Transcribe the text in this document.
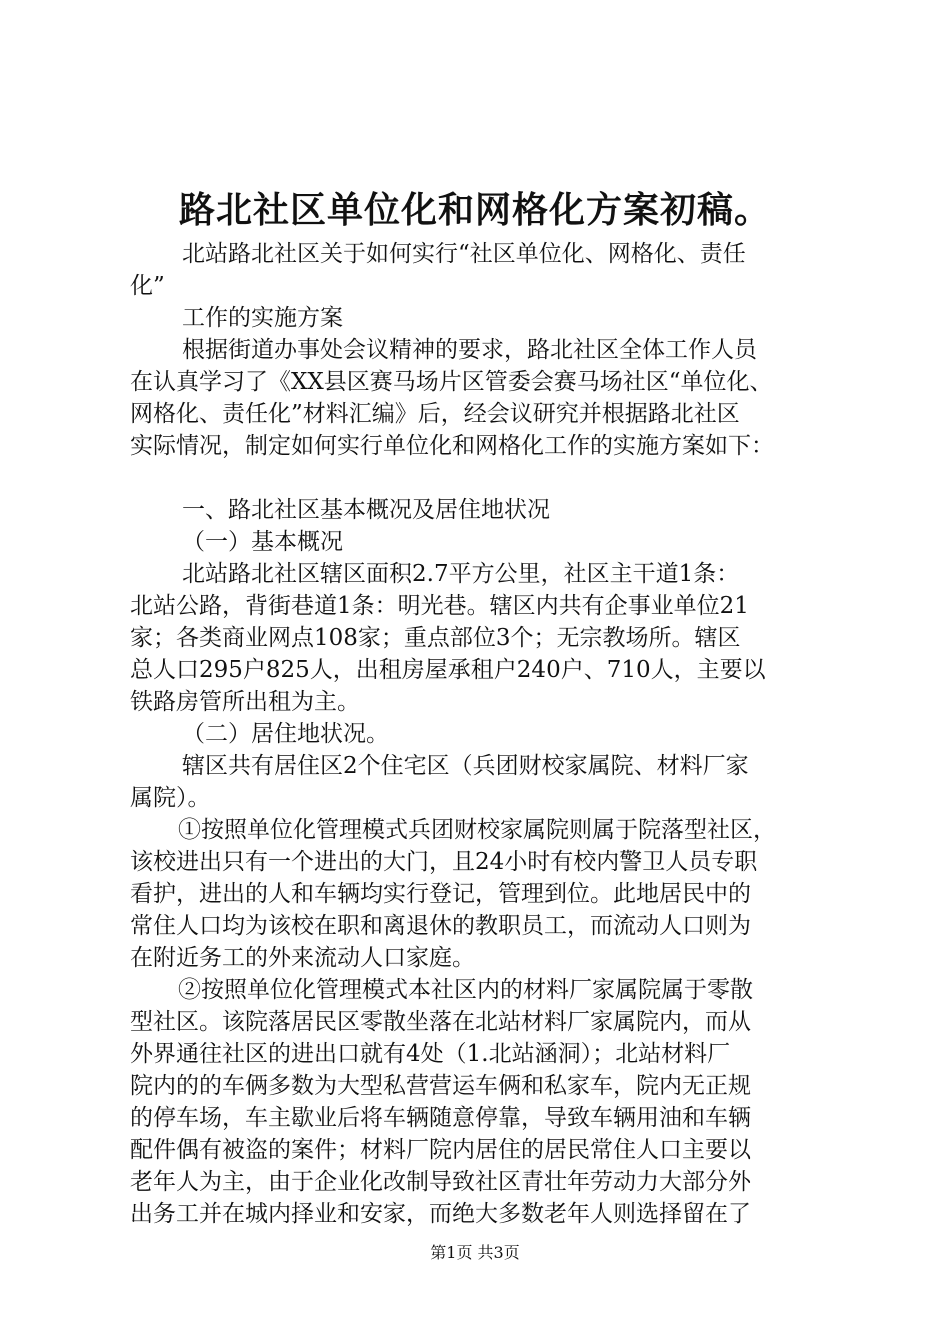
路北社区单位化和网格化方案初稿。
北站路北社区关于如何实行“社区单位化、网格化、责任
化”
工作的实施方案
根据街道办事处会议精神的要求，路北社区全体工作人员
在认真学习了《XX县区赛马场片区管委会赛马场社区“单位化、
网格化、责任化”材料汇编》后，经会议研究并根据路北社区
实际情况，制定如何实行单位化和网格化工作的实施方案如下：
一、路北社区基本概况及居住地状况
（一）基本概况
北站路北社区辖区面积2.7平方公里，社区主干道1条：
北站公路，背街巷道1条：明光巷。辖区内共有企事业单位21
家；各类商业网点108家；重点部位3个；无宗教场所。辖区
总人口295户825人，出租房屋承租户240户、710人，主要以
铁路房管所出租为主。
（二）居住地状况。
辖区共有居住区2个住宅区（兵团财校家属院、材料厂家
属院）。
①按照单位化管理模式兵团财校家属院则属于院落型社区，
该校进出只有一个进出的大门，且24小时有校内警卫人员专职
看护，进出的人和车辆均实行登记，管理到位。此地居民中的
常住人口均为该校在职和离退休的教职员工，而流动人口则为
在附近务工的外来流动人口家庭。
②按照单位化管理模式本社区内的材料厂家属院属于零散
型社区。该院落居民区零散坐落在北站材料厂家属院内，而从
外界通往社区的进出口就有4处（1.北站涵洞）；北站材料厂
院内的的车俩多数为大型私营营运车俩和私家车，院内无正规
的停车场，车主歇业后将车辆随意停靠，导致车辆用油和车辆
配件偶有被盗的案件；材料厂院内居住的居民常住人口主要以
老年人为主，由于企业化改制导致社区青壮年劳动力大部分外
出务工并在城内择业和安家，而绝大多数老年人则选择留在了
第1页 共3页
